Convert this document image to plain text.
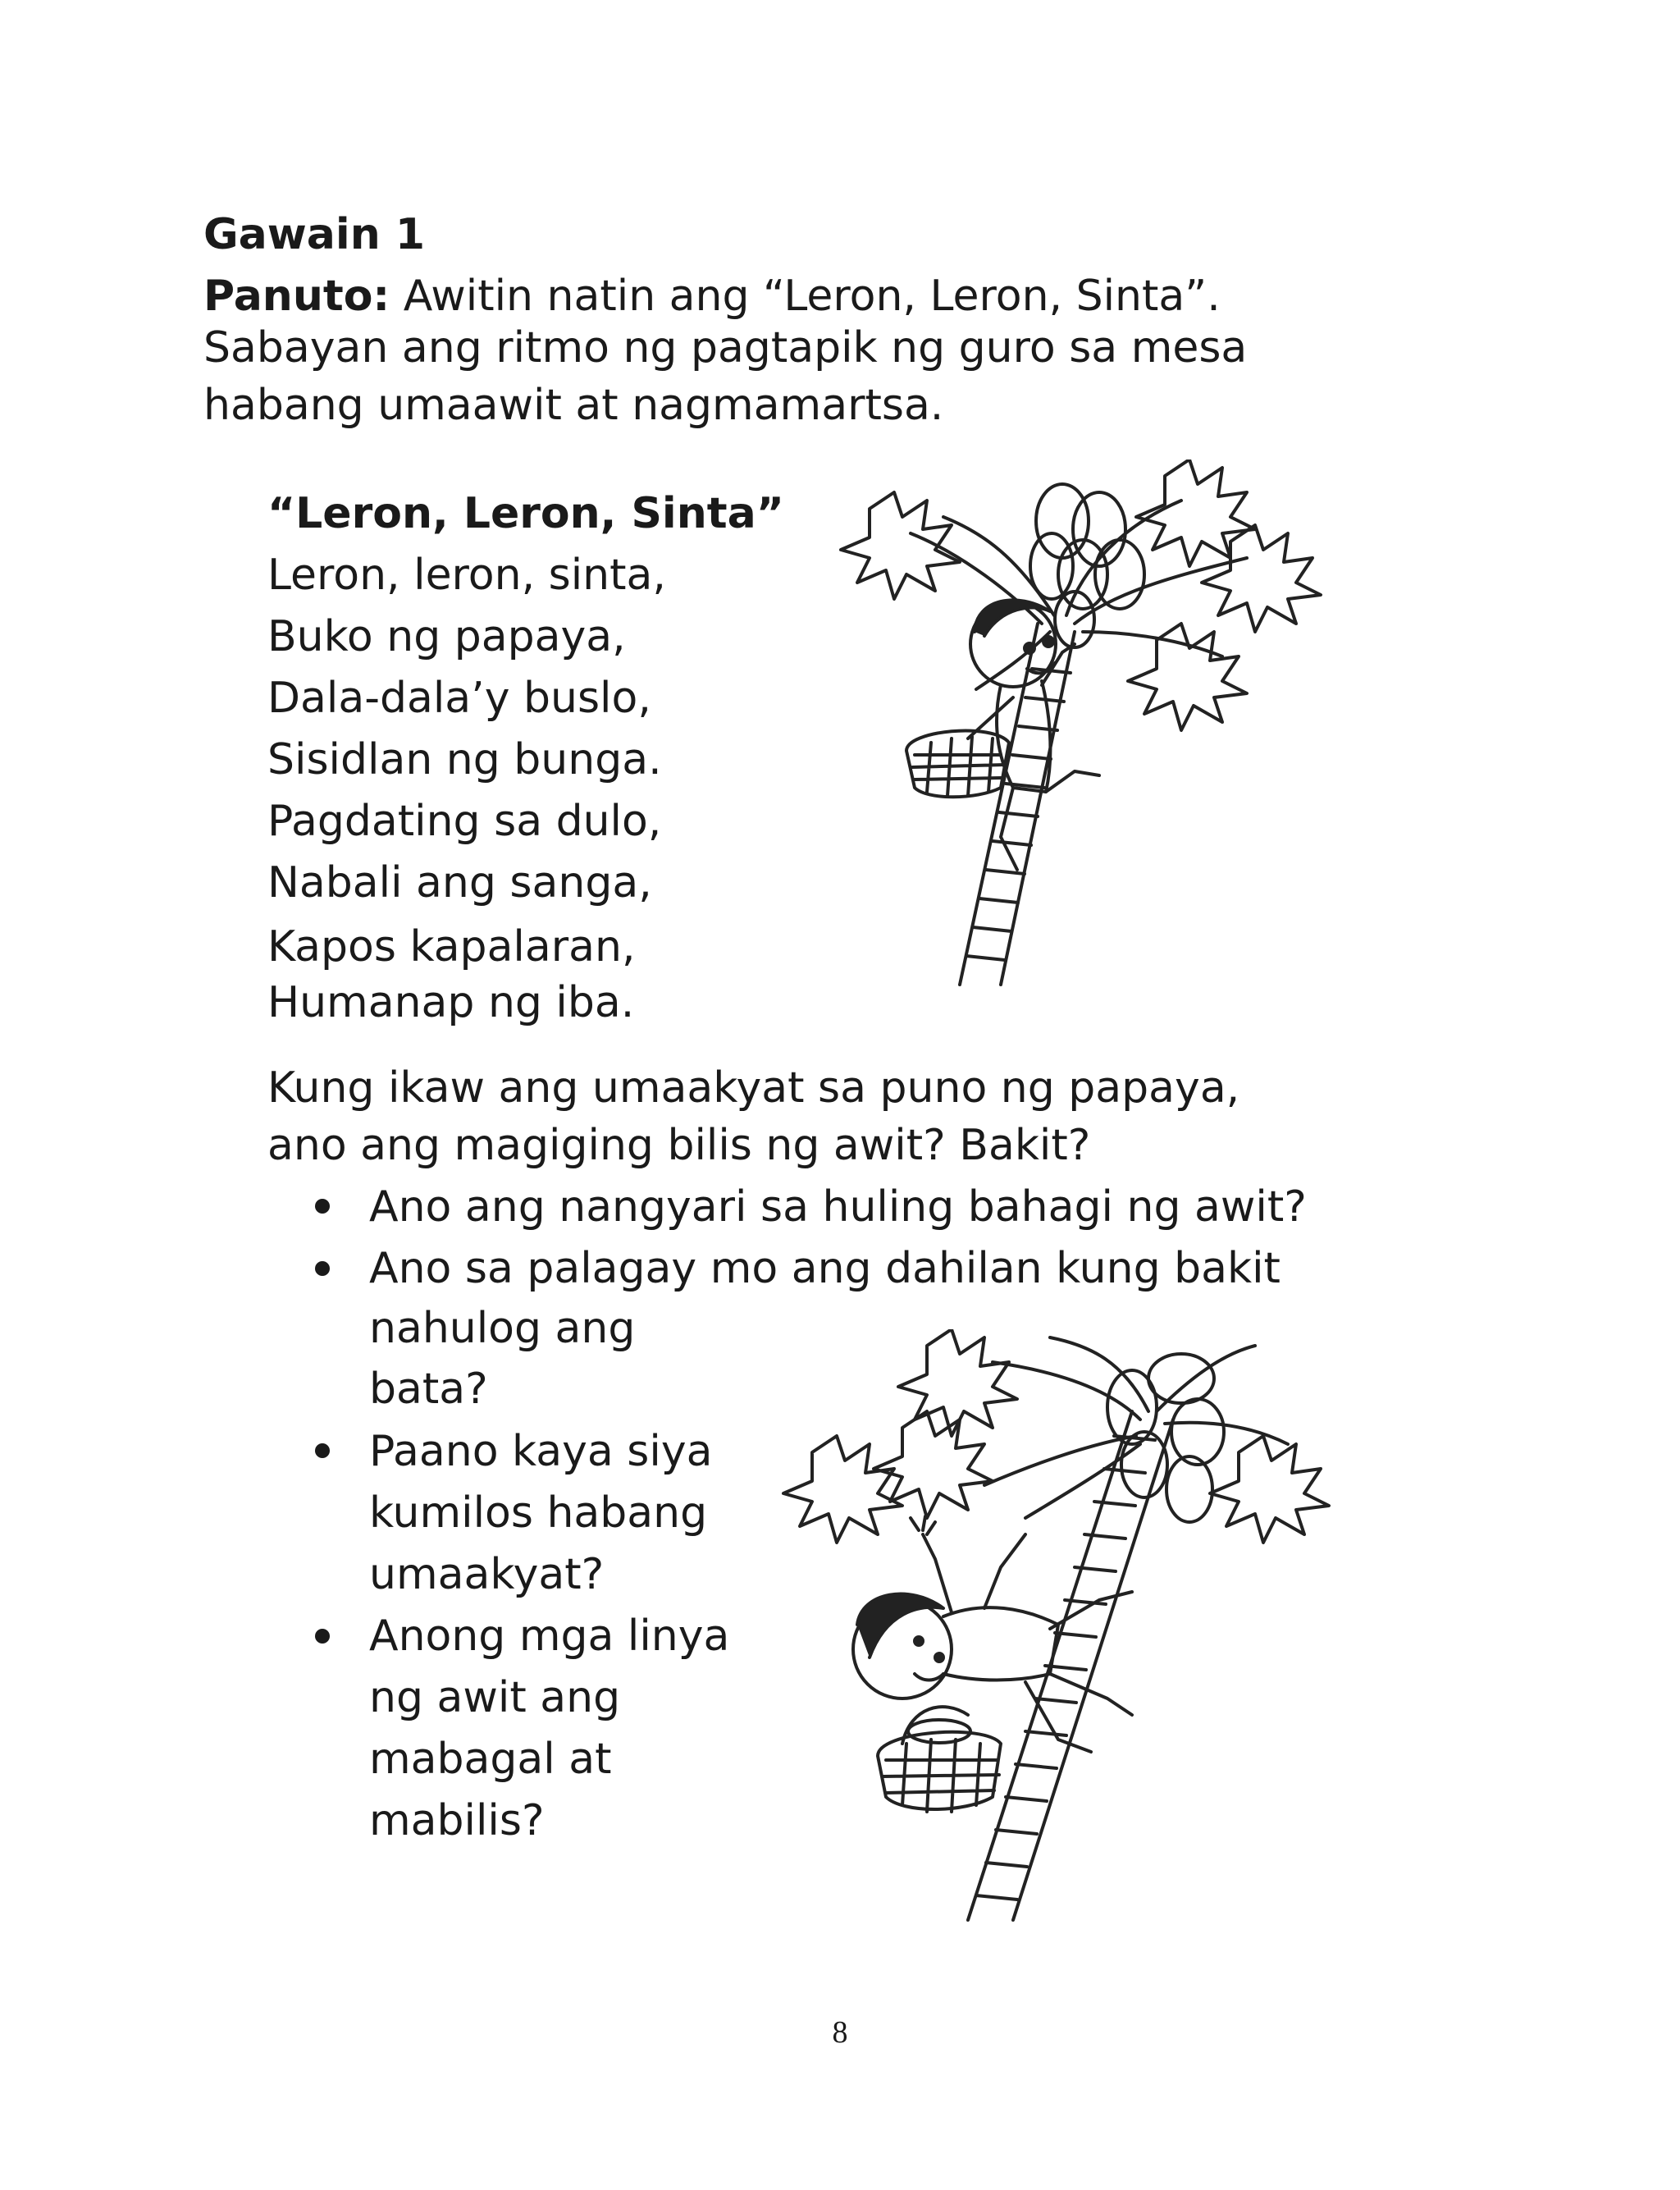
Gawain 1
Panuto: Awitin natin ang “Leron, Leron, Sinta”.
Sabayan ang ritmo ng pagtapik ng guro sa mesa
habang umaawit at nagmamartsa.
“Leron, Leron, Sinta”
Leron, leron, sinta,
Buko ng papaya,
Dala-dala’y buslo,
Sisidlan ng bunga.
Pagdating sa dulo,
Nabali ang sanga,
Kapos kapalaran,
Humanap ng iba.
Kung ikaw ang umaakyat sa puno ng papaya,
ano ang magiging bilis ng awit? Bakit?
Ano ang nangyari sa huling bahagi ng awit?
Ano sa palagay mo ang dahilan kung bakit
nahulog ang
bata?
Paano kaya siya
kumilos habang
umaakyat?
Anong mga linya
ng awit ang
mabagal at
mabilis?
8
